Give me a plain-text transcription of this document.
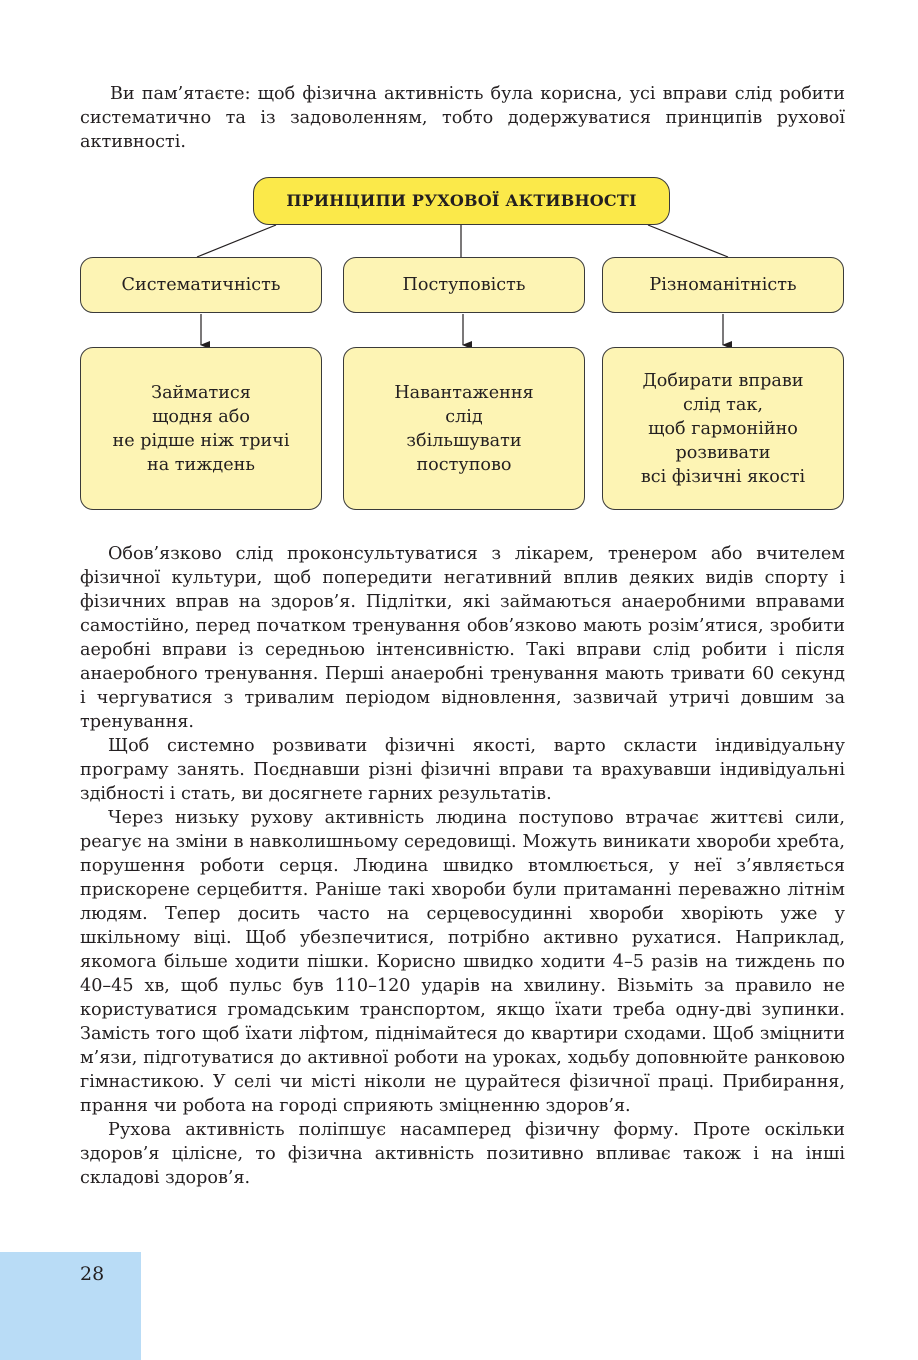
Ви пам’ятаєте: щоб фізична активність була корисна, усі вправи слід робити систематично та із задоволенням, тобто додержуватися принципів рухової активності.

ПРИНЦИПИ РУХОВОЇ АКТИВНОСТІ
Систематичність	Поступовість	Різноманітність
Займатися
щодня або
не рідше ніж тричі
на тиждень
Навантаження
слід
збільшувати
поступово
Добирати вправи
слід так,
щоб гармонійно
розвивати
всі фізичні якості

Обов’язково слід проконсультуватися з лікарем, тренером або вчителем фізичної культури, щоб попередити негативний вплив деяких видів спорту і фізичних вправ на здоров’я. Підлітки, які займаються анаеробними вправами самостійно, перед початком тренування обов’язково мають розім’ятися, зробити аеробні вправи із середньою інтенсивністю. Такі вправи слід робити і після анаеробного тренування. Перші анаеробні тренування мають тривати 60 секунд і чергуватися з тривалим періодом відновлення, зазвичай утричі довшим за тренування.

Щоб системно розвивати фізичні якості, варто скласти індивідуальну програму занять. Поєднавши різні фізичні вправи та врахувавши індивідуальні здібності і стать, ви досягнете гарних результатів.

Через низьку рухову активність людина поступово втрачає життєві сили, реагує на зміни в навколишньому середовищі. Можуть виникати хвороби хребта, порушення роботи серця. Людина швидко втомлюється, у неї з’являється прискорене серцебиття. Раніше такі хвороби були притаманні переважно літнім людям. Тепер досить часто на серцевосудинні хвороби хворіють уже у шкільному віці. Щоб убезпечитися, потрібно активно рухатися. Наприклад, якомога більше ходити пішки. Корисно швидко ходити 4–5 разів на тиждень по 40–45 хв, щоб пульс був 110–120 ударів на хвилину. Візьміть за правило не користуватися громадським транспортом, якщо їхати треба одну-дві зупинки. Замість того щоб їхати ліфтом, піднімайтеся до квартири сходами. Щоб зміцнити м’язи, підготуватися до активної роботи на уроках, ходьбу доповнюйте ранковою гімнастикою. У селі чи місті ніколи не цурайтеся фізичної праці. Прибирання, прання чи робота на городі сприяють зміцненню здоров’я.

Рухова активність поліпшує насамперед фізичну форму. Проте оскільки здоров’я цілісне, то фізична активність позитивно впливає також і на інші складові здоров’я.

28
